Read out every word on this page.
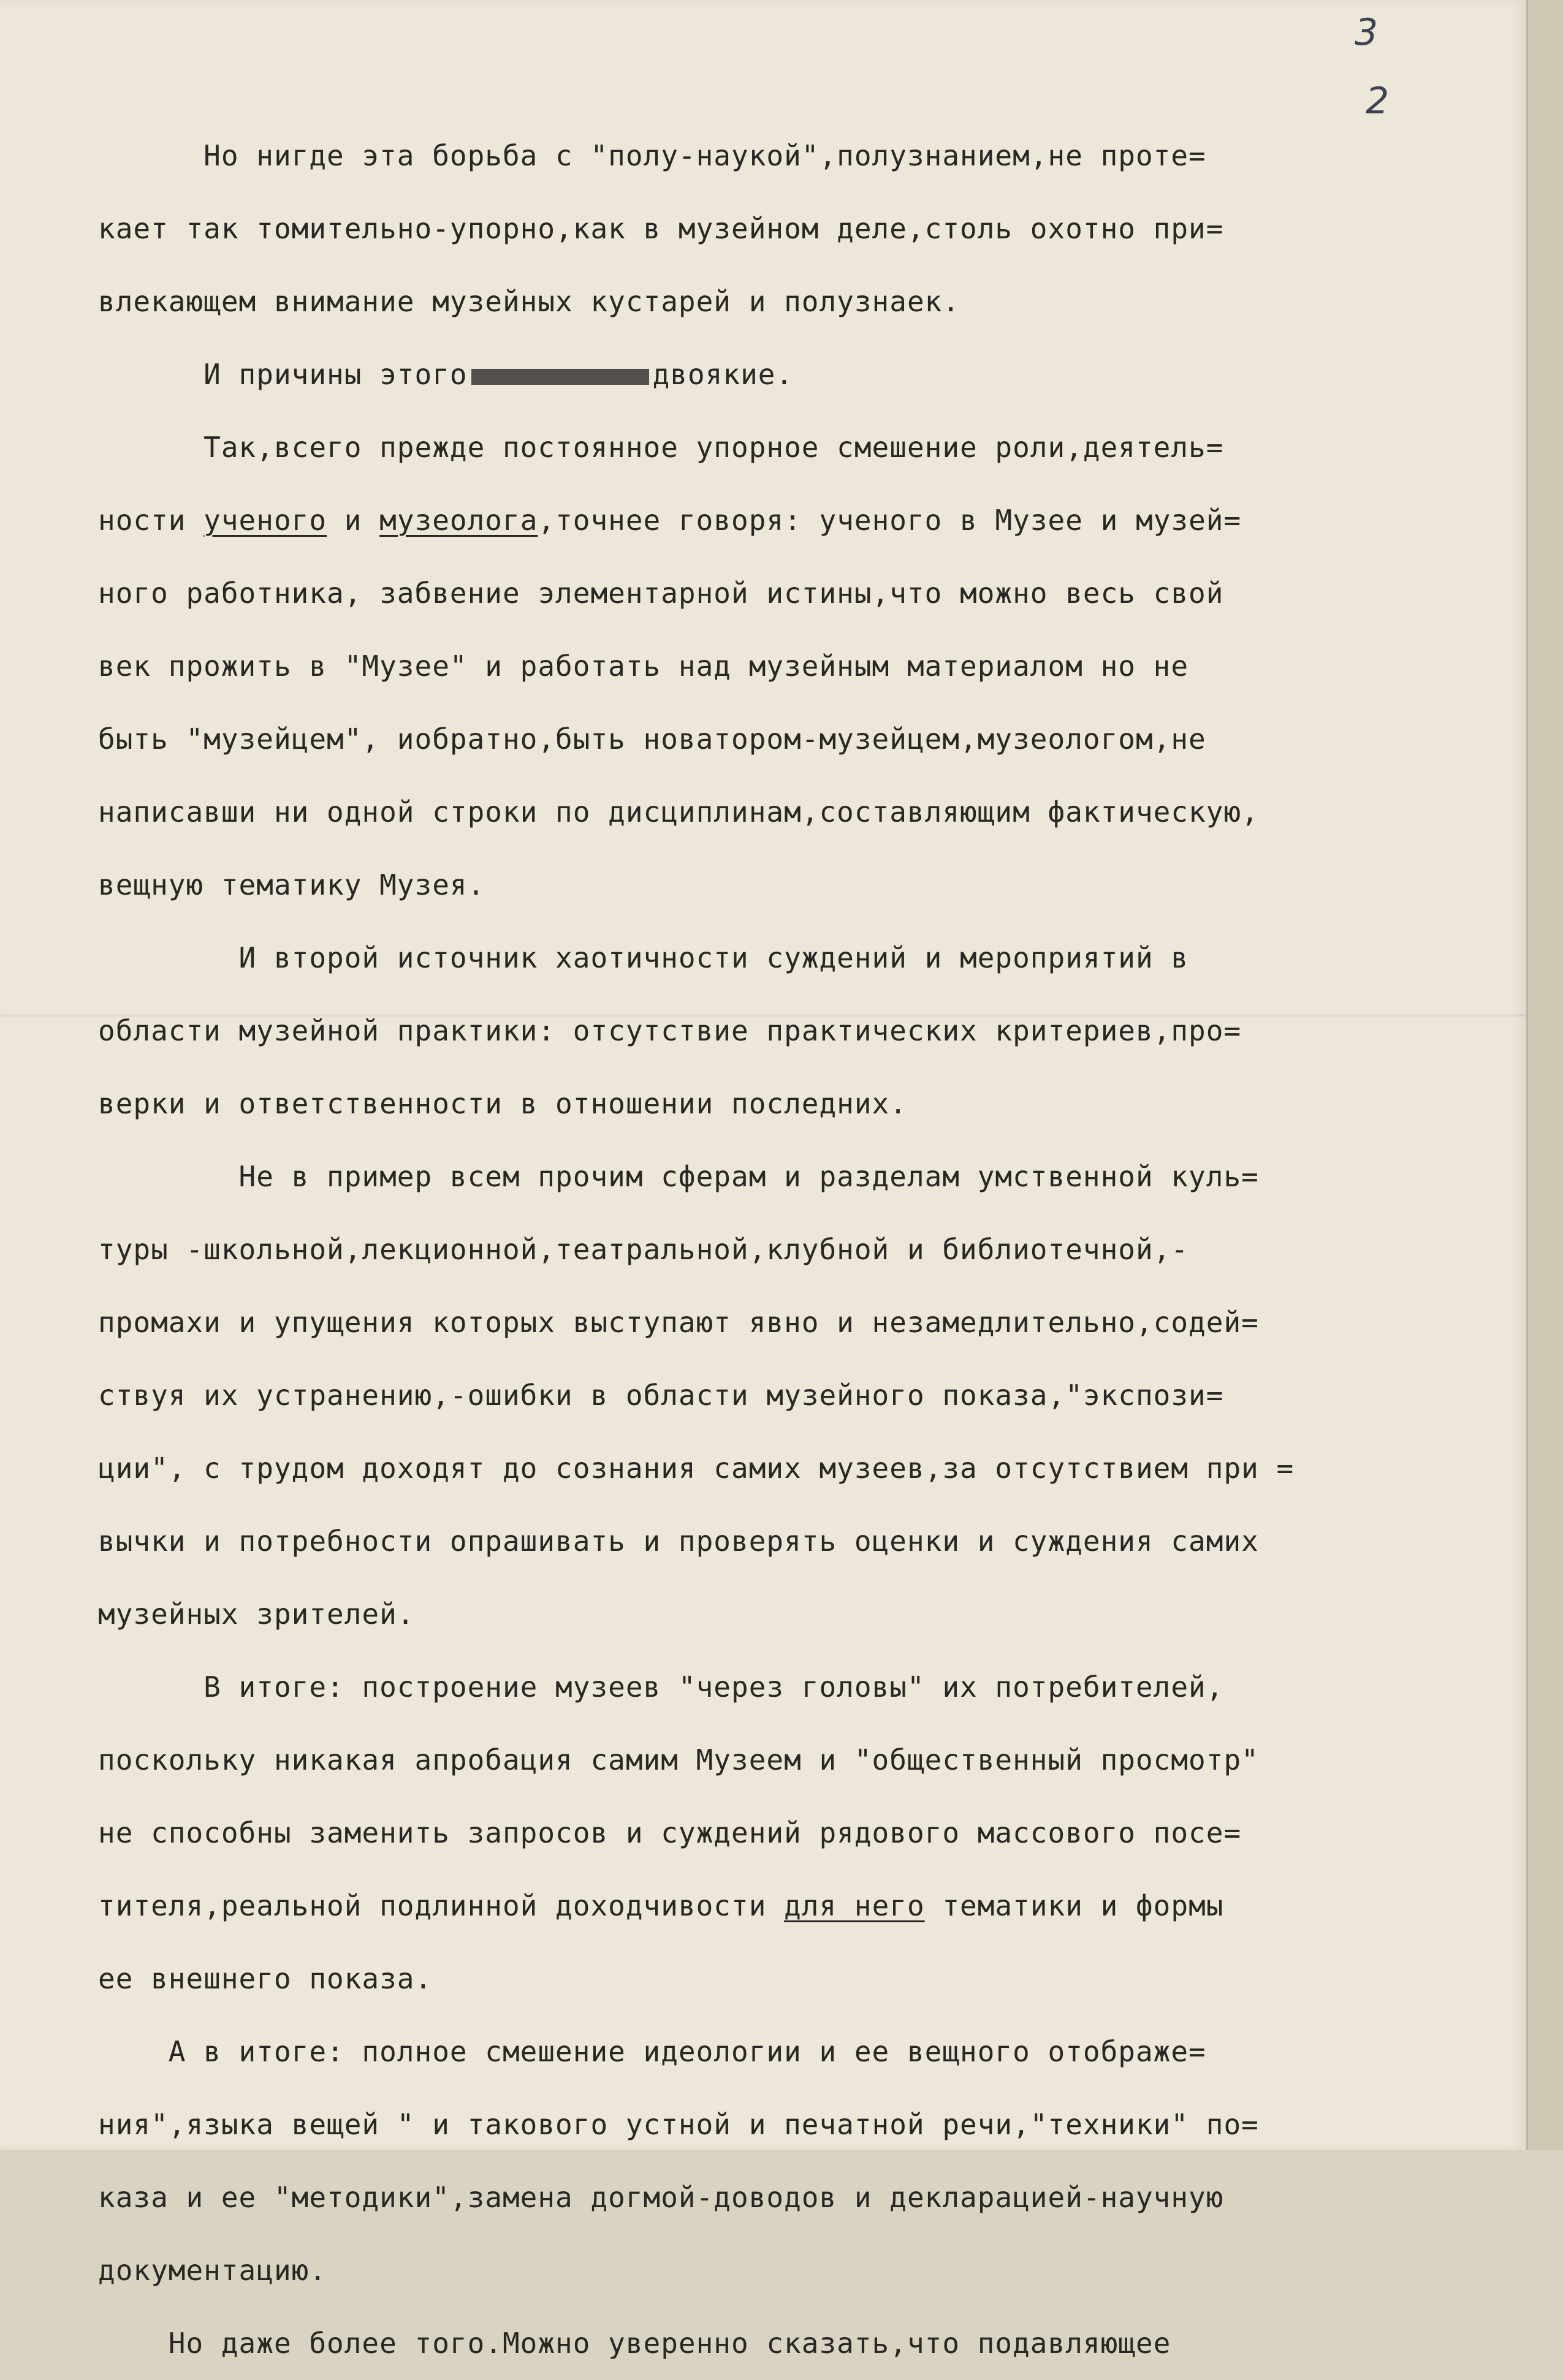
3
2
Но нигде эта борьба с "полу-наукой",полузнанием,не проте=
кает так томительно-упорно,как в музейном деле,столь охотно при=
влекающем внимание музейных кустарей и полузнаек.
И причины этого	двоякие.
Так,всего прежде постоянное упорное смешение роли,деятель=
ности ученого и музеолога,точнее говоря: ученого в Музее и музей=
ного работника, забвение элементарной истины,что можно весь свой
век прожить в "Музее" и работать над музейным материалом но не
быть "музейцем", иобратно,быть новатором-музейцем,музеологом,не
написавши ни одной строки по дисциплинам,составляющим фактическую,
вещную тематику Музея.
И второй источник хаотичности суждений и мероприятий в
области музейной практики: отсутствие практических критериев,про=
верки и ответственности в отношении последних.
Не в пример всем прочим сферам и разделам умственной куль=
туры -школьной,лекционной,театральной,клубной и библиотечной,-
промахи и упущения которых выступают явно и незамедлительно,содей=
ствуя их устранению,-ошибки в области музейного показа,"экспози=
ции", с трудом доходят до сознания самих музеев,за отсутствием при =
вычки и потребности опрашивать и проверять оценки и суждения самих
музейных зрителей.
В итоге: построение музеев "через головы" их потребителей,
поскольку никакая апробация самим Музеем и "общественный просмотр"
не способны заменить запросов и суждений рядового массового посе=
тителя,реальной подлинной доходчивости для него тематики и формы
ее внешнего показа.
А в итоге: полное смешение идеологии и ее вещного отображе=
ния",языка вещей " и такового устной и печатной речи,"техники" по=
каза и ее "методики",замена догмой-доводов и декларацией-научную
документацию.
Но даже более того.Можно уверенно сказать,что подавляющее
